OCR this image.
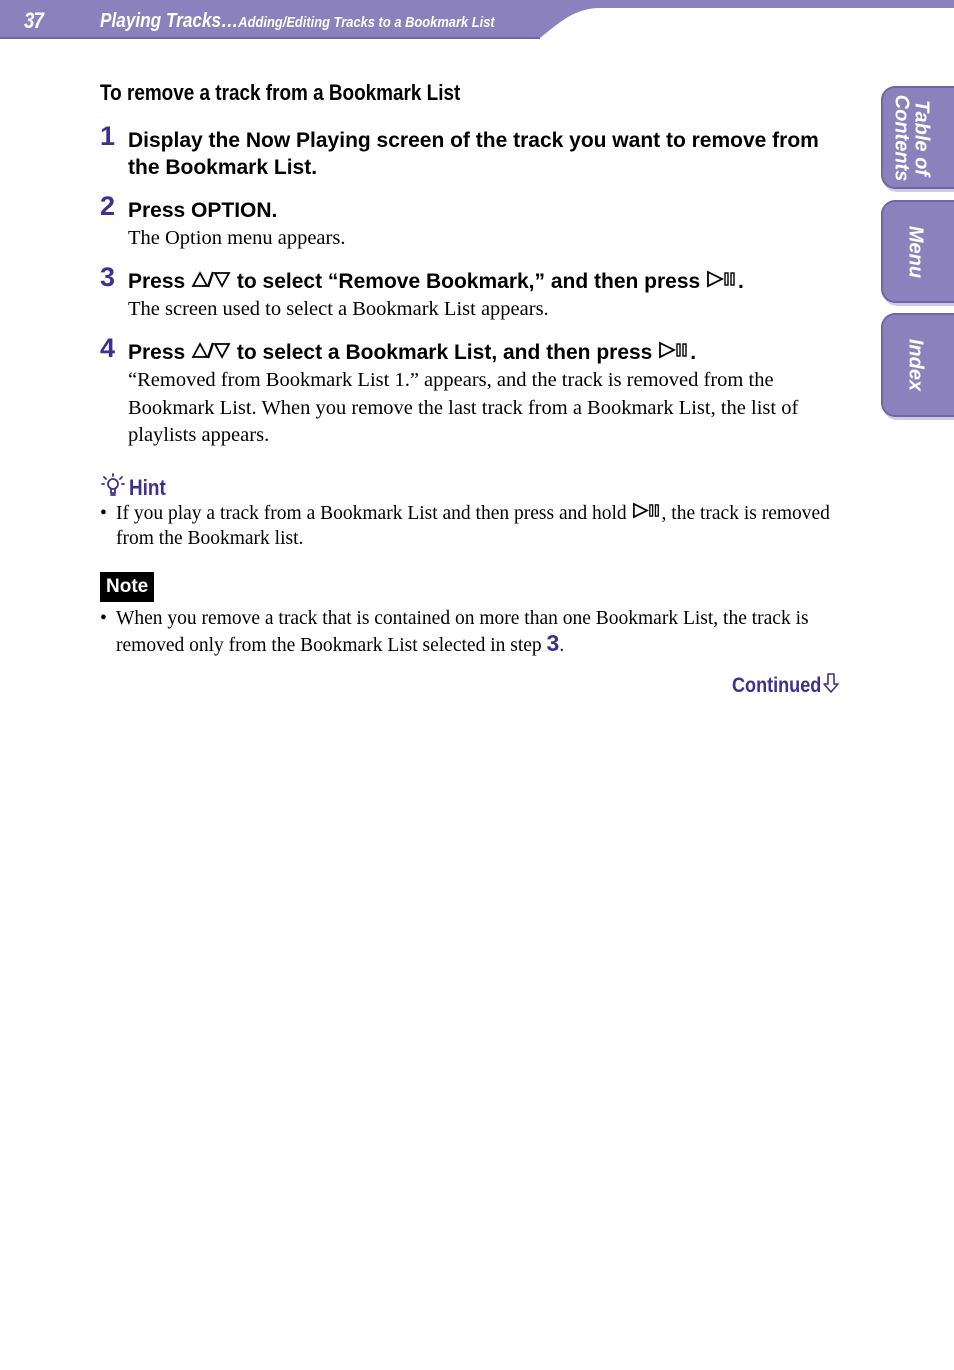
37	Playing Tracks…Adding/Editing Tracks to a Bookmark List
Table of
Contents
Menu
Index
To remove a track from a Bookmark List
1 Display the Now Playing screen of the track you want to remove from the Bookmark List.
2 Press OPTION.
The Option menu appears.
3 Press  to select “Remove Bookmark,” and then press .
The screen used to select a Bookmark List appears.
4 Press  to select a Bookmark List, and then press .
“Removed from Bookmark List 1.” appears, and the track is removed from the Bookmark List. When you remove the last track from a Bookmark List, the list of playlists appears.
Hint
• If you play a track from a Bookmark List and then press and hold , the track is removed from the Bookmark list.
Note
• When you remove a track that is contained on more than one Bookmark List, the track is removed only from the Bookmark List selected in step 3.
Continued
